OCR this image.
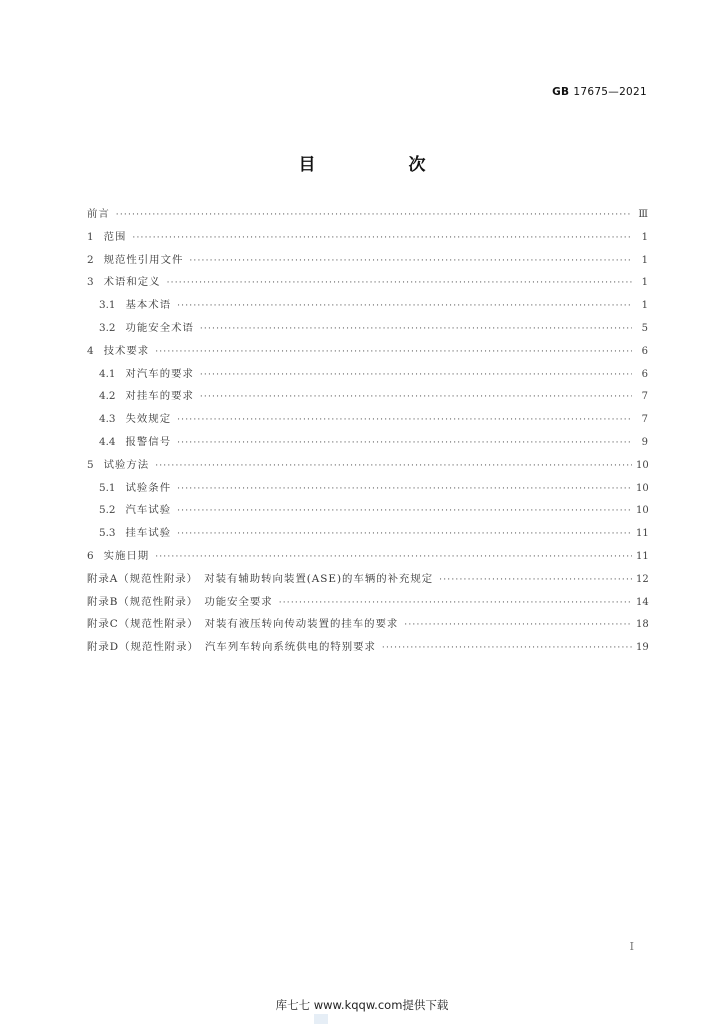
GB 17675—2021
目　次
前言 ·····	Ⅲ
1 范围 ·····	1
2 规范性引用文件 ·····	1
3 术语和定义 ·····	1
3.1 基本术语 ·····	1
3.2 功能安全术语 ·····	5
4 技术要求 ·····	6
4.1 对汽车的要求 ·····	6
4.2 对挂车的要求 ·····	7
4.3 失效规定 ·····	7
4.4 报警信号 ·····	9
5 试验方法 ·····	10
5.1 试验条件 ·····	10
5.2 汽车试验 ·····	10
5.3 挂车试验 ·····	11
6 实施日期 ·····	11
附录A（规范性附录）　对装有辅助转向装置(ASE)的车辆的补充规定 ·····	12
附录B（规范性附录）　功能安全要求 ·····	14
附录C（规范性附录）　对装有液压转向传动装置的挂车的要求 ·····	18
附录D（规范性附录）　汽车列车转向系统供电的特别要求 ·····	19
I
库七七 www.kqqw.com提供下载
